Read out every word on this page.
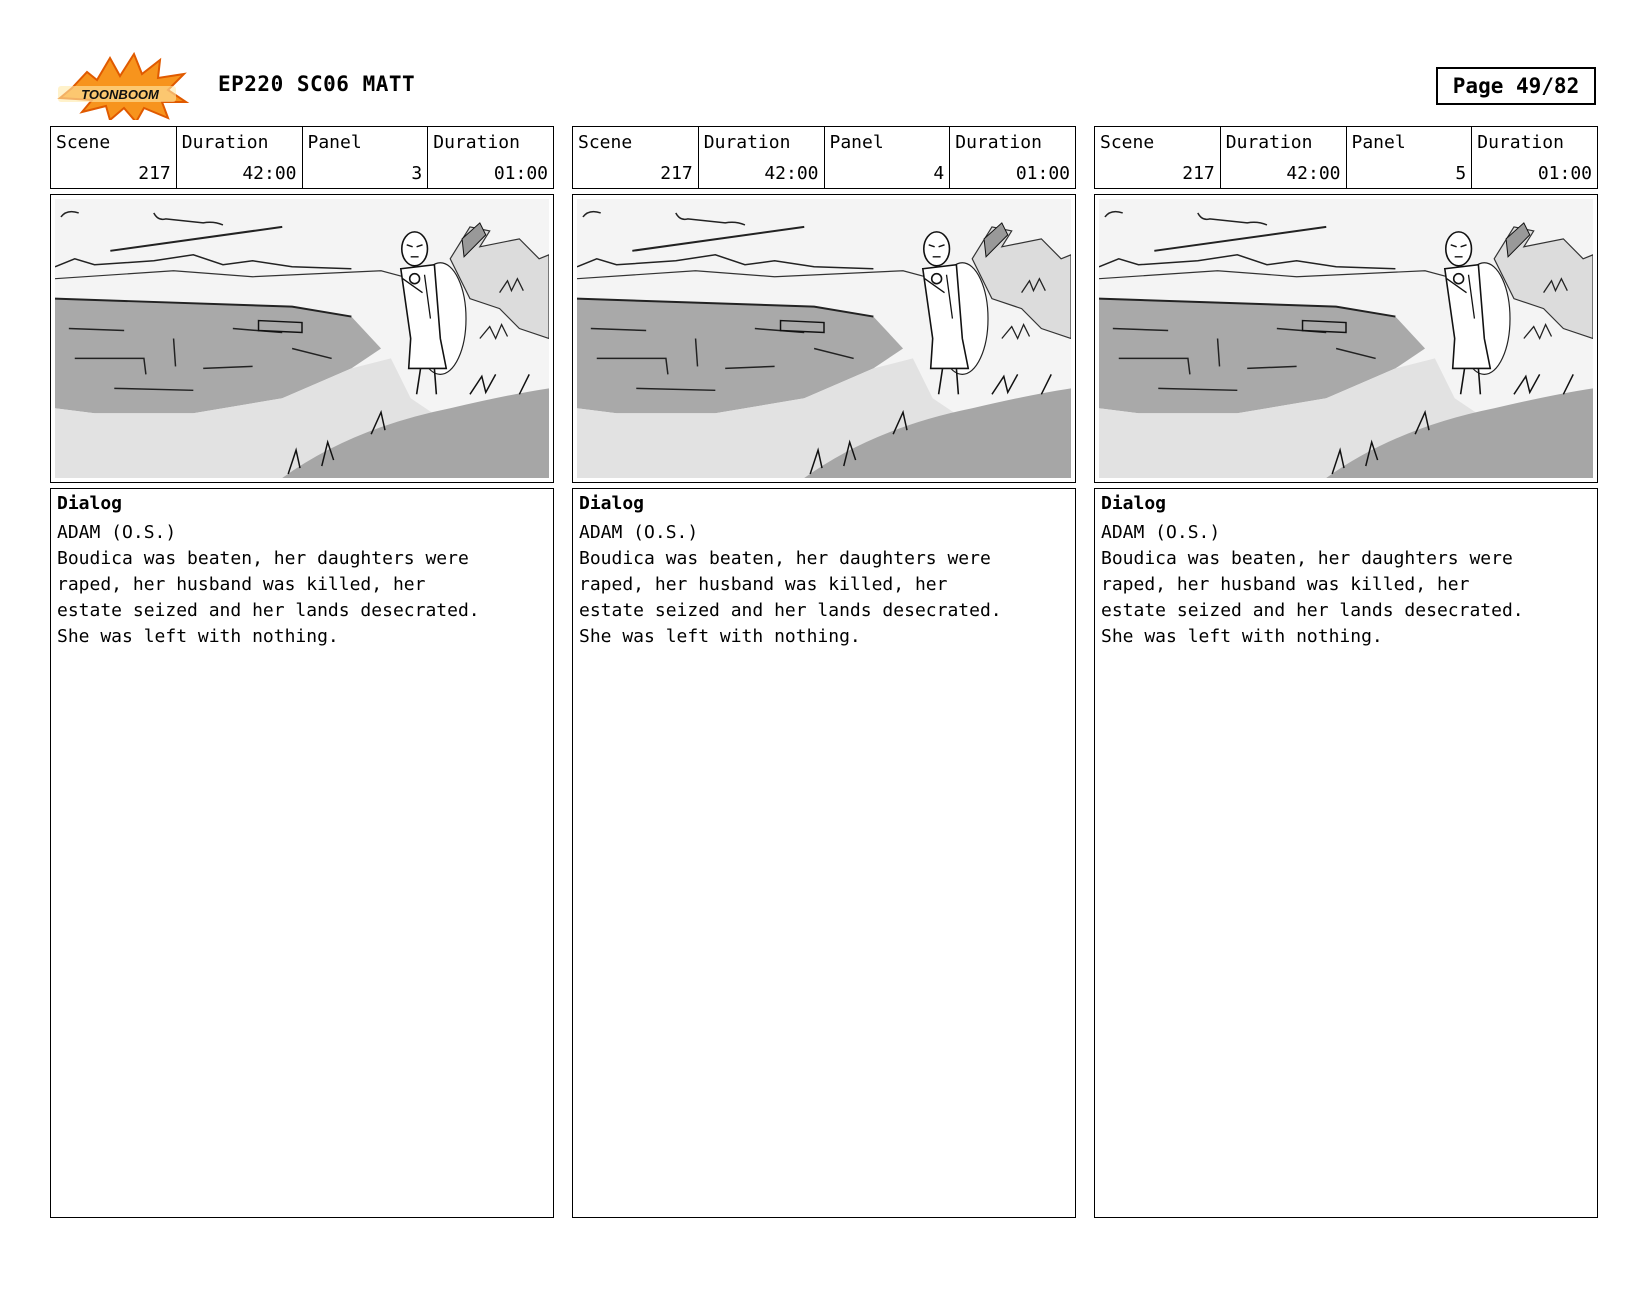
TOONBOOM	EP220 SC06 MATT	Page 49/82
Scene
217
Duration
42:00
Panel
3
Duration
01:00
Dialog
ADAM (O.S.)
Boudica was beaten, her daughters were
raped, her husband was killed, her
estate seized and her lands desecrated.
She was left with nothing.
Scene
217
Duration
42:00
Panel
4
Duration
01:00
Dialog
ADAM (O.S.)
Boudica was beaten, her daughters were
raped, her husband was killed, her
estate seized and her lands desecrated.
She was left with nothing.
Scene
217
Duration
42:00
Panel
5
Duration
01:00
Dialog
ADAM (O.S.)
Boudica was beaten, her daughters were
raped, her husband was killed, her
estate seized and her lands desecrated.
She was left with nothing.
